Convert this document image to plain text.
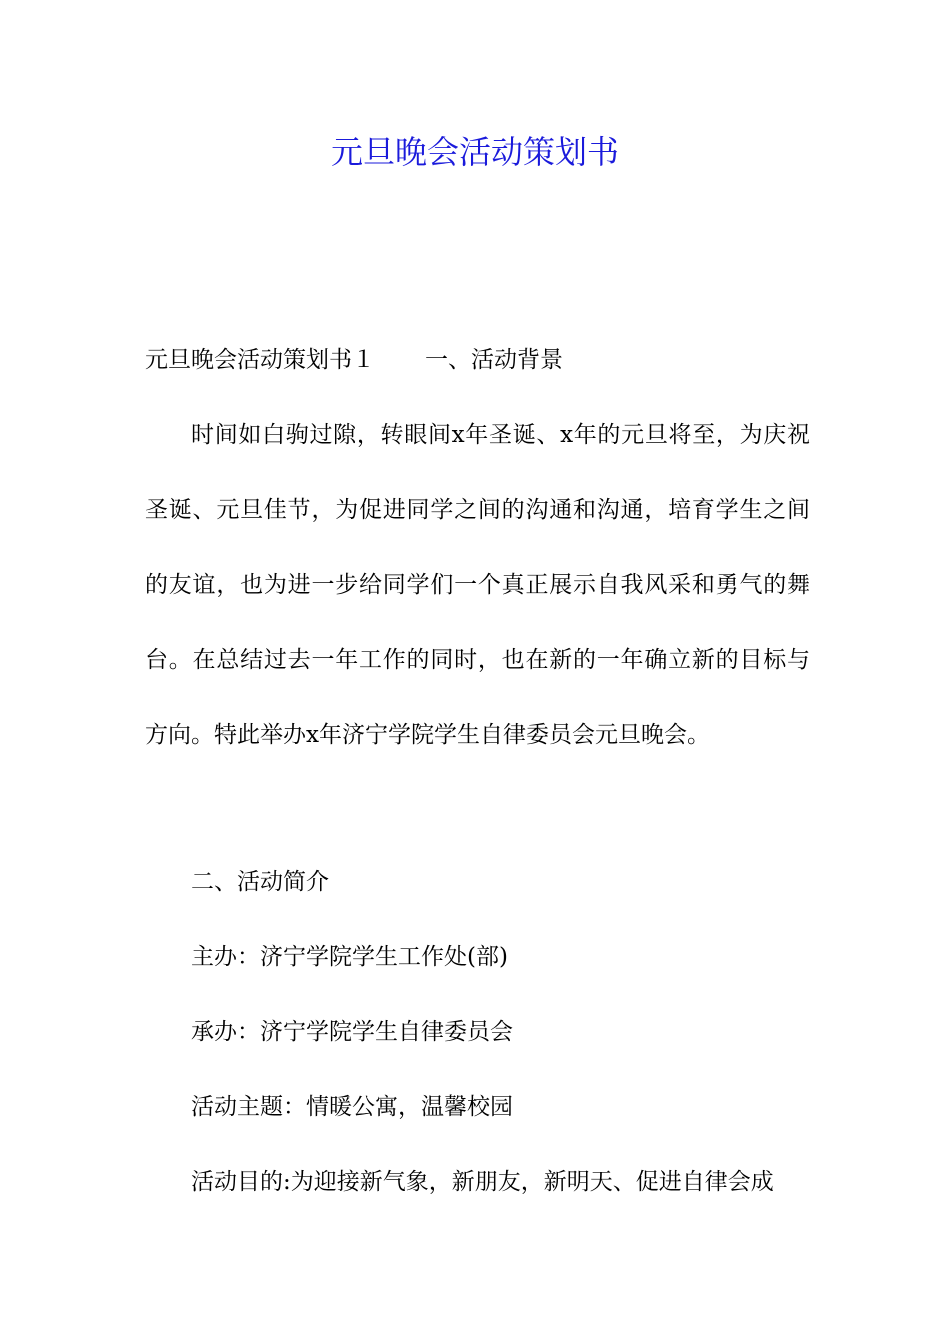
元旦晚会活动策划书
元旦晚会活动策划书１ 一、活动背景
时间如白驹过隙，转眼间x年圣诞、x年的元旦将至，为庆祝圣诞、元旦佳节，为促进同学之间的沟通和沟通，培育学生之间的友谊，也为进一步给同学们一个真正展示自我风采和勇气的舞台。在总结过去一年工作的同时，也在新的一年确立新的目标与方向。特此举办x年济宁学院学生自律委员会元旦晚会。
二、活动简介
主办：济宁学院学生工作处(部)
承办：济宁学院学生自律委员会
活动主题：情暖公寓，温馨校园
活动目的:为迎接新气象，新朋友，新明天、促进自律会成
